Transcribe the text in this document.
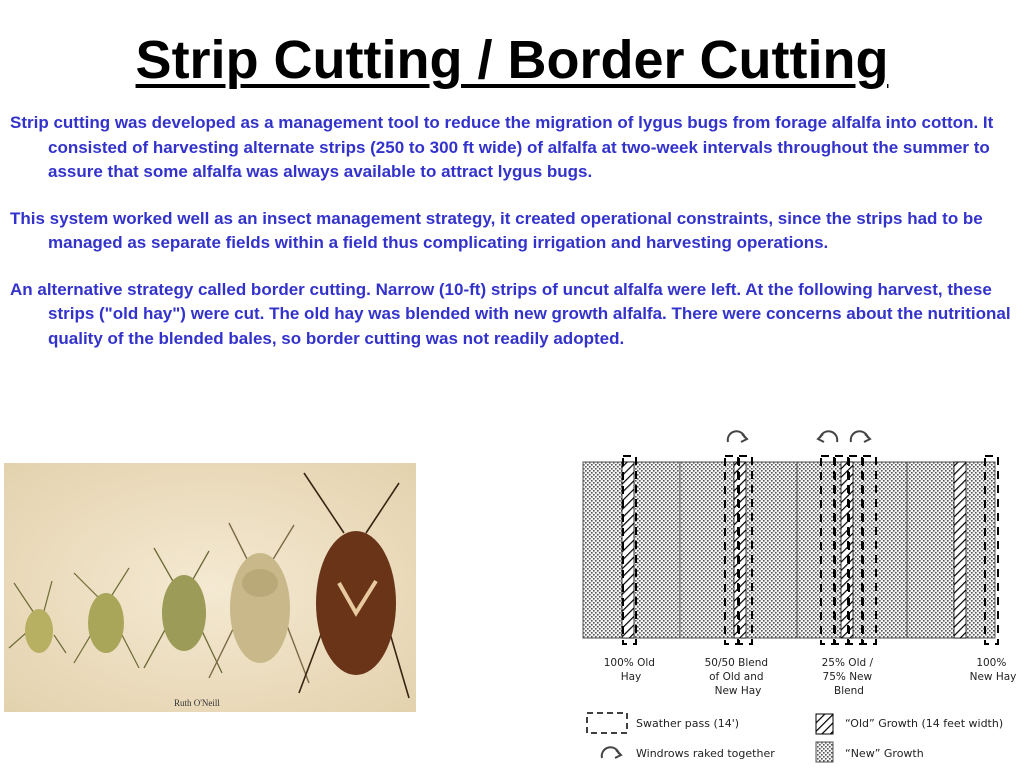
Strip Cutting / Border Cutting

Strip cutting was developed as a management tool to reduce the migration of lygus bugs from forage alfalfa into cotton. It consisted of harvesting alternate strips (250 to 300 ft wide) of alfalfa at two-week intervals throughout the summer to assure that some alfalfa was always available to attract lygus bugs.

This system worked well as an insect management strategy, it created operational constraints, since the strips had to be managed as separate fields within a field thus complicating irrigation and harvesting operations.

An alternative strategy called border cutting. Narrow (10-ft) strips of uncut alfalfa were left. At the following harvest, these strips ("old hay") were cut. The old hay was blended with new growth alfalfa. There were concerns about the nutritional quality of the blended bales, so border cutting was not readily adopted.

Ruth O'Neill
100% Old Hay
50/50 Blend of Old and New Hay
25% Old / 75% New Blend
100% New Hay
Swather pass (14')	“Old” Growth (14 feet width)
Windrows raked together	“New” Growth
